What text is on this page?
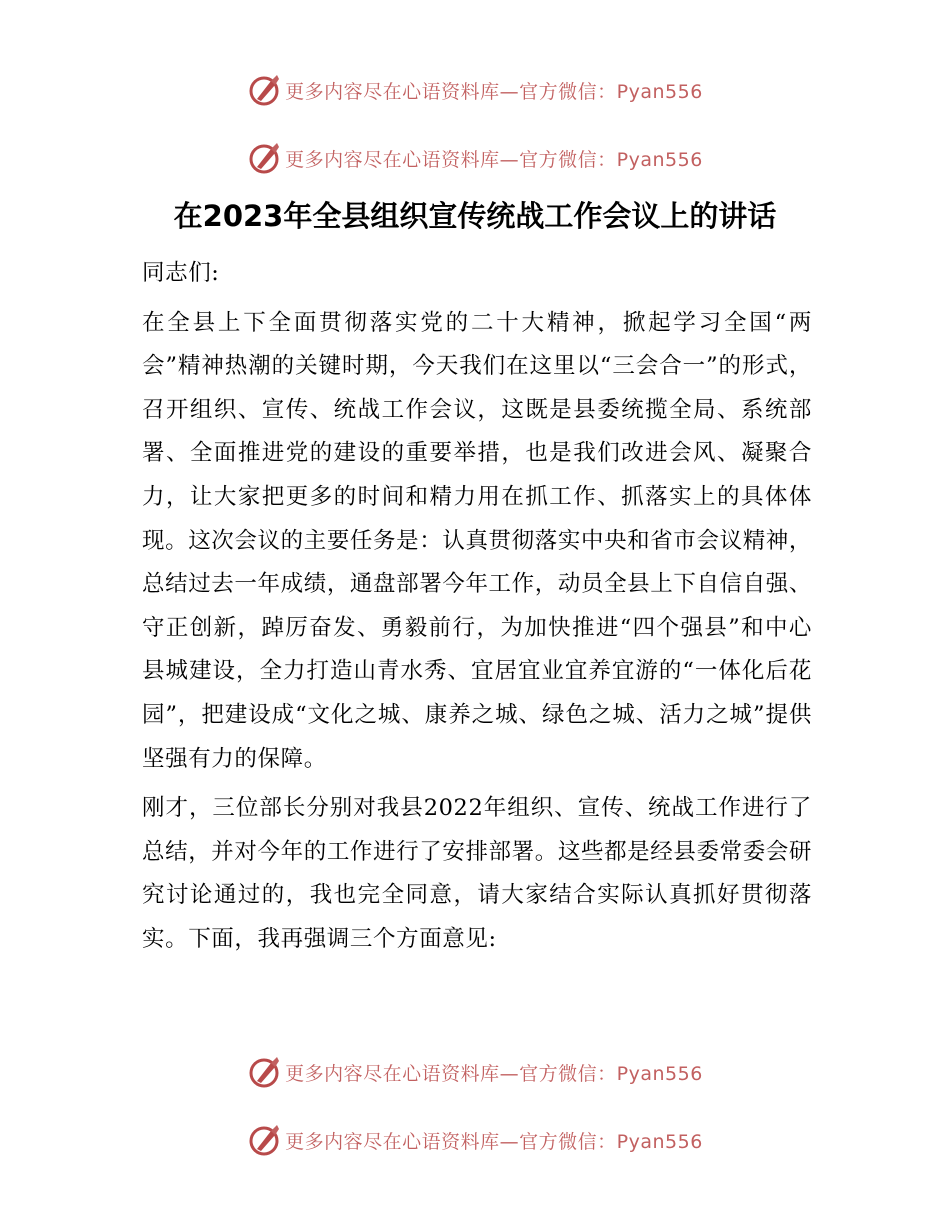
更多内容尽在心语资料库—官方微信：Pyan556
更多内容尽在心语资料库—官方微信：Pyan556
在2023年全县组织宣传统战工作会议上的讲话

同志们:

在全县上下全面贯彻落实党的二十大精神，掀起学习全国“两会”精神热潮的关键时期，今天我们在这里以“三会合一”的形式，召开组织、宣传、统战工作会议，这既是县委统揽全局、系统部署、全面推进党的建设的重要举措，也是我们改进会风、凝聚合力，让大家把更多的时间和精力用在抓工作、抓落实上的具体体现。这次会议的主要任务是：认真贯彻落实中央和省市会议精神，总结过去一年成绩，通盘部署今年工作，动员全县上下自信自强、守正创新，踔厉奋发、勇毅前行，为加快推进“四个强县”和中心县城建设，全力打造山青水秀、宜居宜业宜养宜游的“一体化后花园”，把建设成“文化之城、康养之城、绿色之城、活力之城”提供坚强有力的保障。

刚才，三位部长分别对我县2022年组织、宣传、统战工作进行了总结，并对今年的工作进行了安排部署。这些都是经县委常委会研究讨论通过的，我也完全同意，请大家结合实际认真抓好贯彻落实。下面，我再强调三个方面意见:

更多内容尽在心语资料库—官方微信：Pyan556
更多内容尽在心语资料库—官方微信：Pyan556
